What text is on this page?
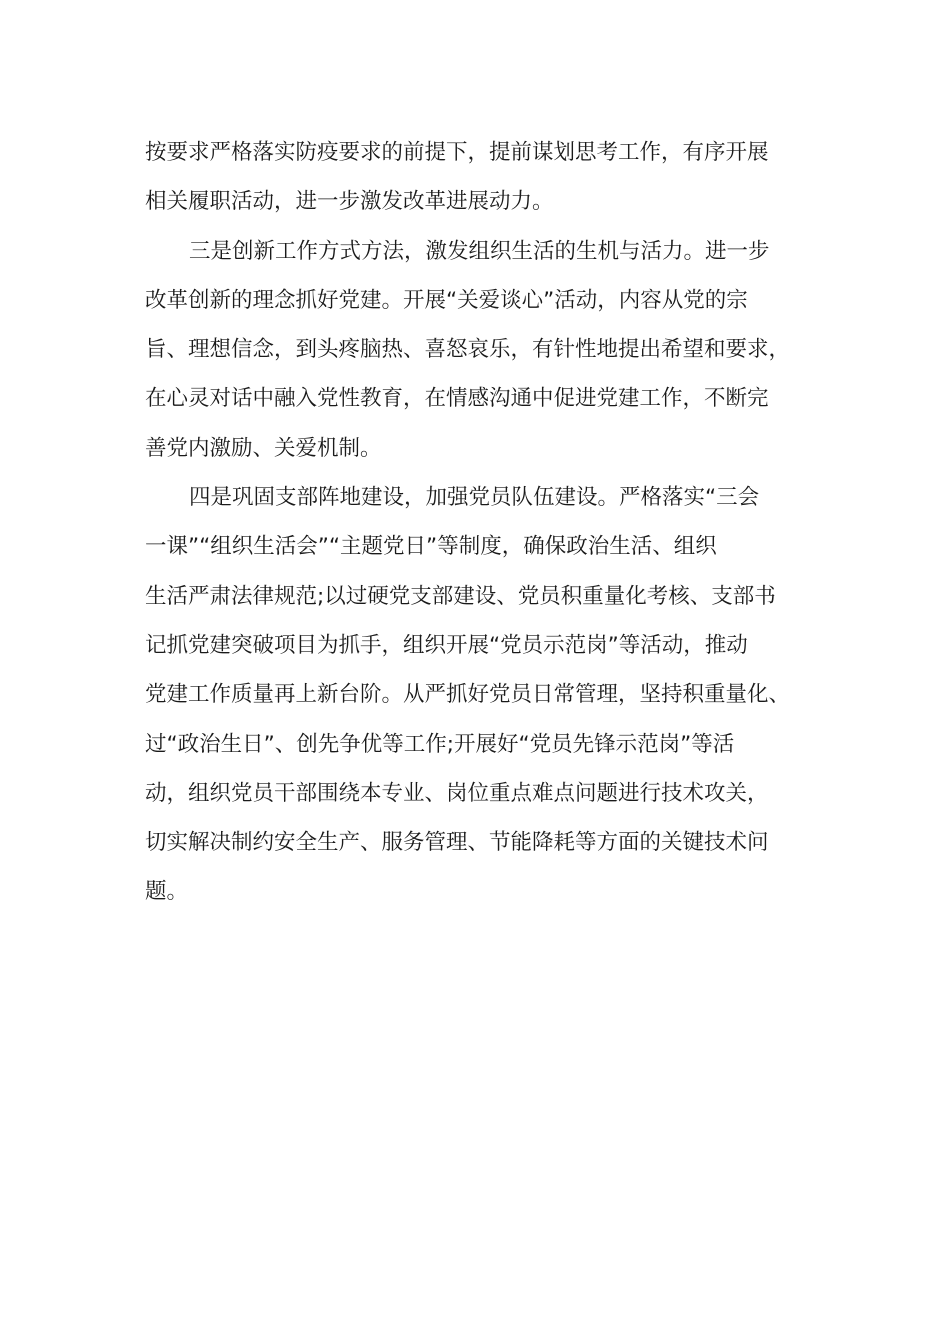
按要求严格落实防疫要求的前提下，提前谋划思考工作，有序开展
相关履职活动，进一步激发改革进展动力。
三是创新工作方式方法，激发组织生活的生机与活力。进一步
改革创新的理念抓好党建。开展“关爱谈心”活动，内容从党的宗
旨、理想信念，到头疼脑热、喜怒哀乐，有针性地提出希望和要求，
在心灵对话中融入党性教育，在情感沟通中促进党建工作，不断完
善党内激励、关爱机制。
四是巩固支部阵地建设，加强党员队伍建设。严格落实“三会
一课”“组织生活会”“主题党日”等制度，确保政治生活、组织
生活严肃法律规范;以过硬党支部建设、党员积重量化考核、支部书
记抓党建突破项目为抓手，组织开展“党员示范岗”等活动，推动
党建工作质量再上新台阶。从严抓好党员日常管理，坚持积重量化、
过“政治生日”、创先争优等工作;开展好“党员先锋示范岗”等活
动，组织党员干部围绕本专业、岗位重点难点问题进行技术攻关，
切实解决制约安全生产、服务管理、节能降耗等方面的关键技术问
题。
